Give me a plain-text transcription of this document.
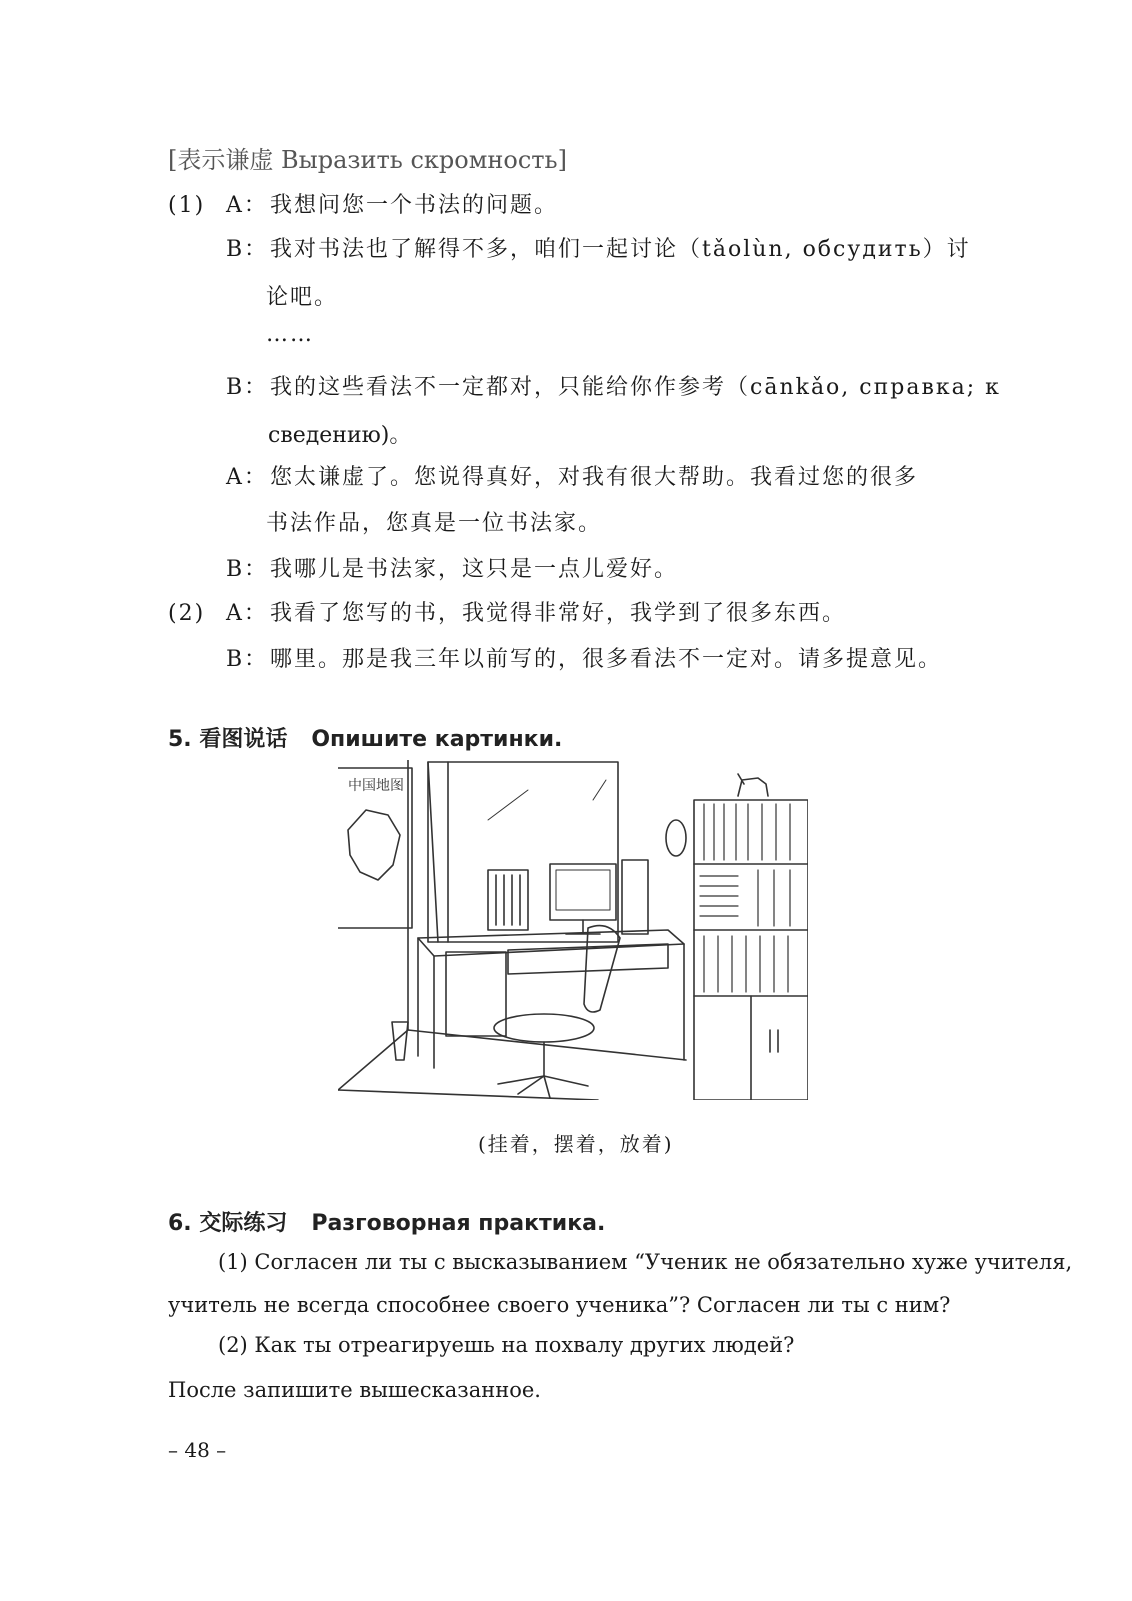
[表示谦虚 Выразить скромность]
(1) A：我想问您一个书法的问题。
B：我对书法也了解得不多，咱们一起讨论（tǎolùn, обсудить）讨
论吧。
……
B：我的这些看法不一定都对，只能给你作参考（cānkǎo, справка; к
сведению)。
A：您太谦虚了。您说得真好，对我有很大帮助。我看过您的很多
书法作品，您真是一位书法家。
B：我哪儿是书法家，这只是一点儿爱好。
(2) A：我看了您写的书，我觉得非常好，我学到了很多东西。
B：哪里。那是我三年以前写的，很多看法不一定对。请多提意见。
5. 看图说话 Опишите картинки.
中国地图
(挂着，摆着，放着)
6. 交际练习 Разговорная практика.
(1) Согласен ли ты с высказыванием “Ученик не обязательно хуже учителя,
учитель не всегда способнее своего ученика”? Согласен ли ты с ним?
(2) Как ты отреагируешь на похвалу других людей?
После запишите вышесказанное.
– 48 –
